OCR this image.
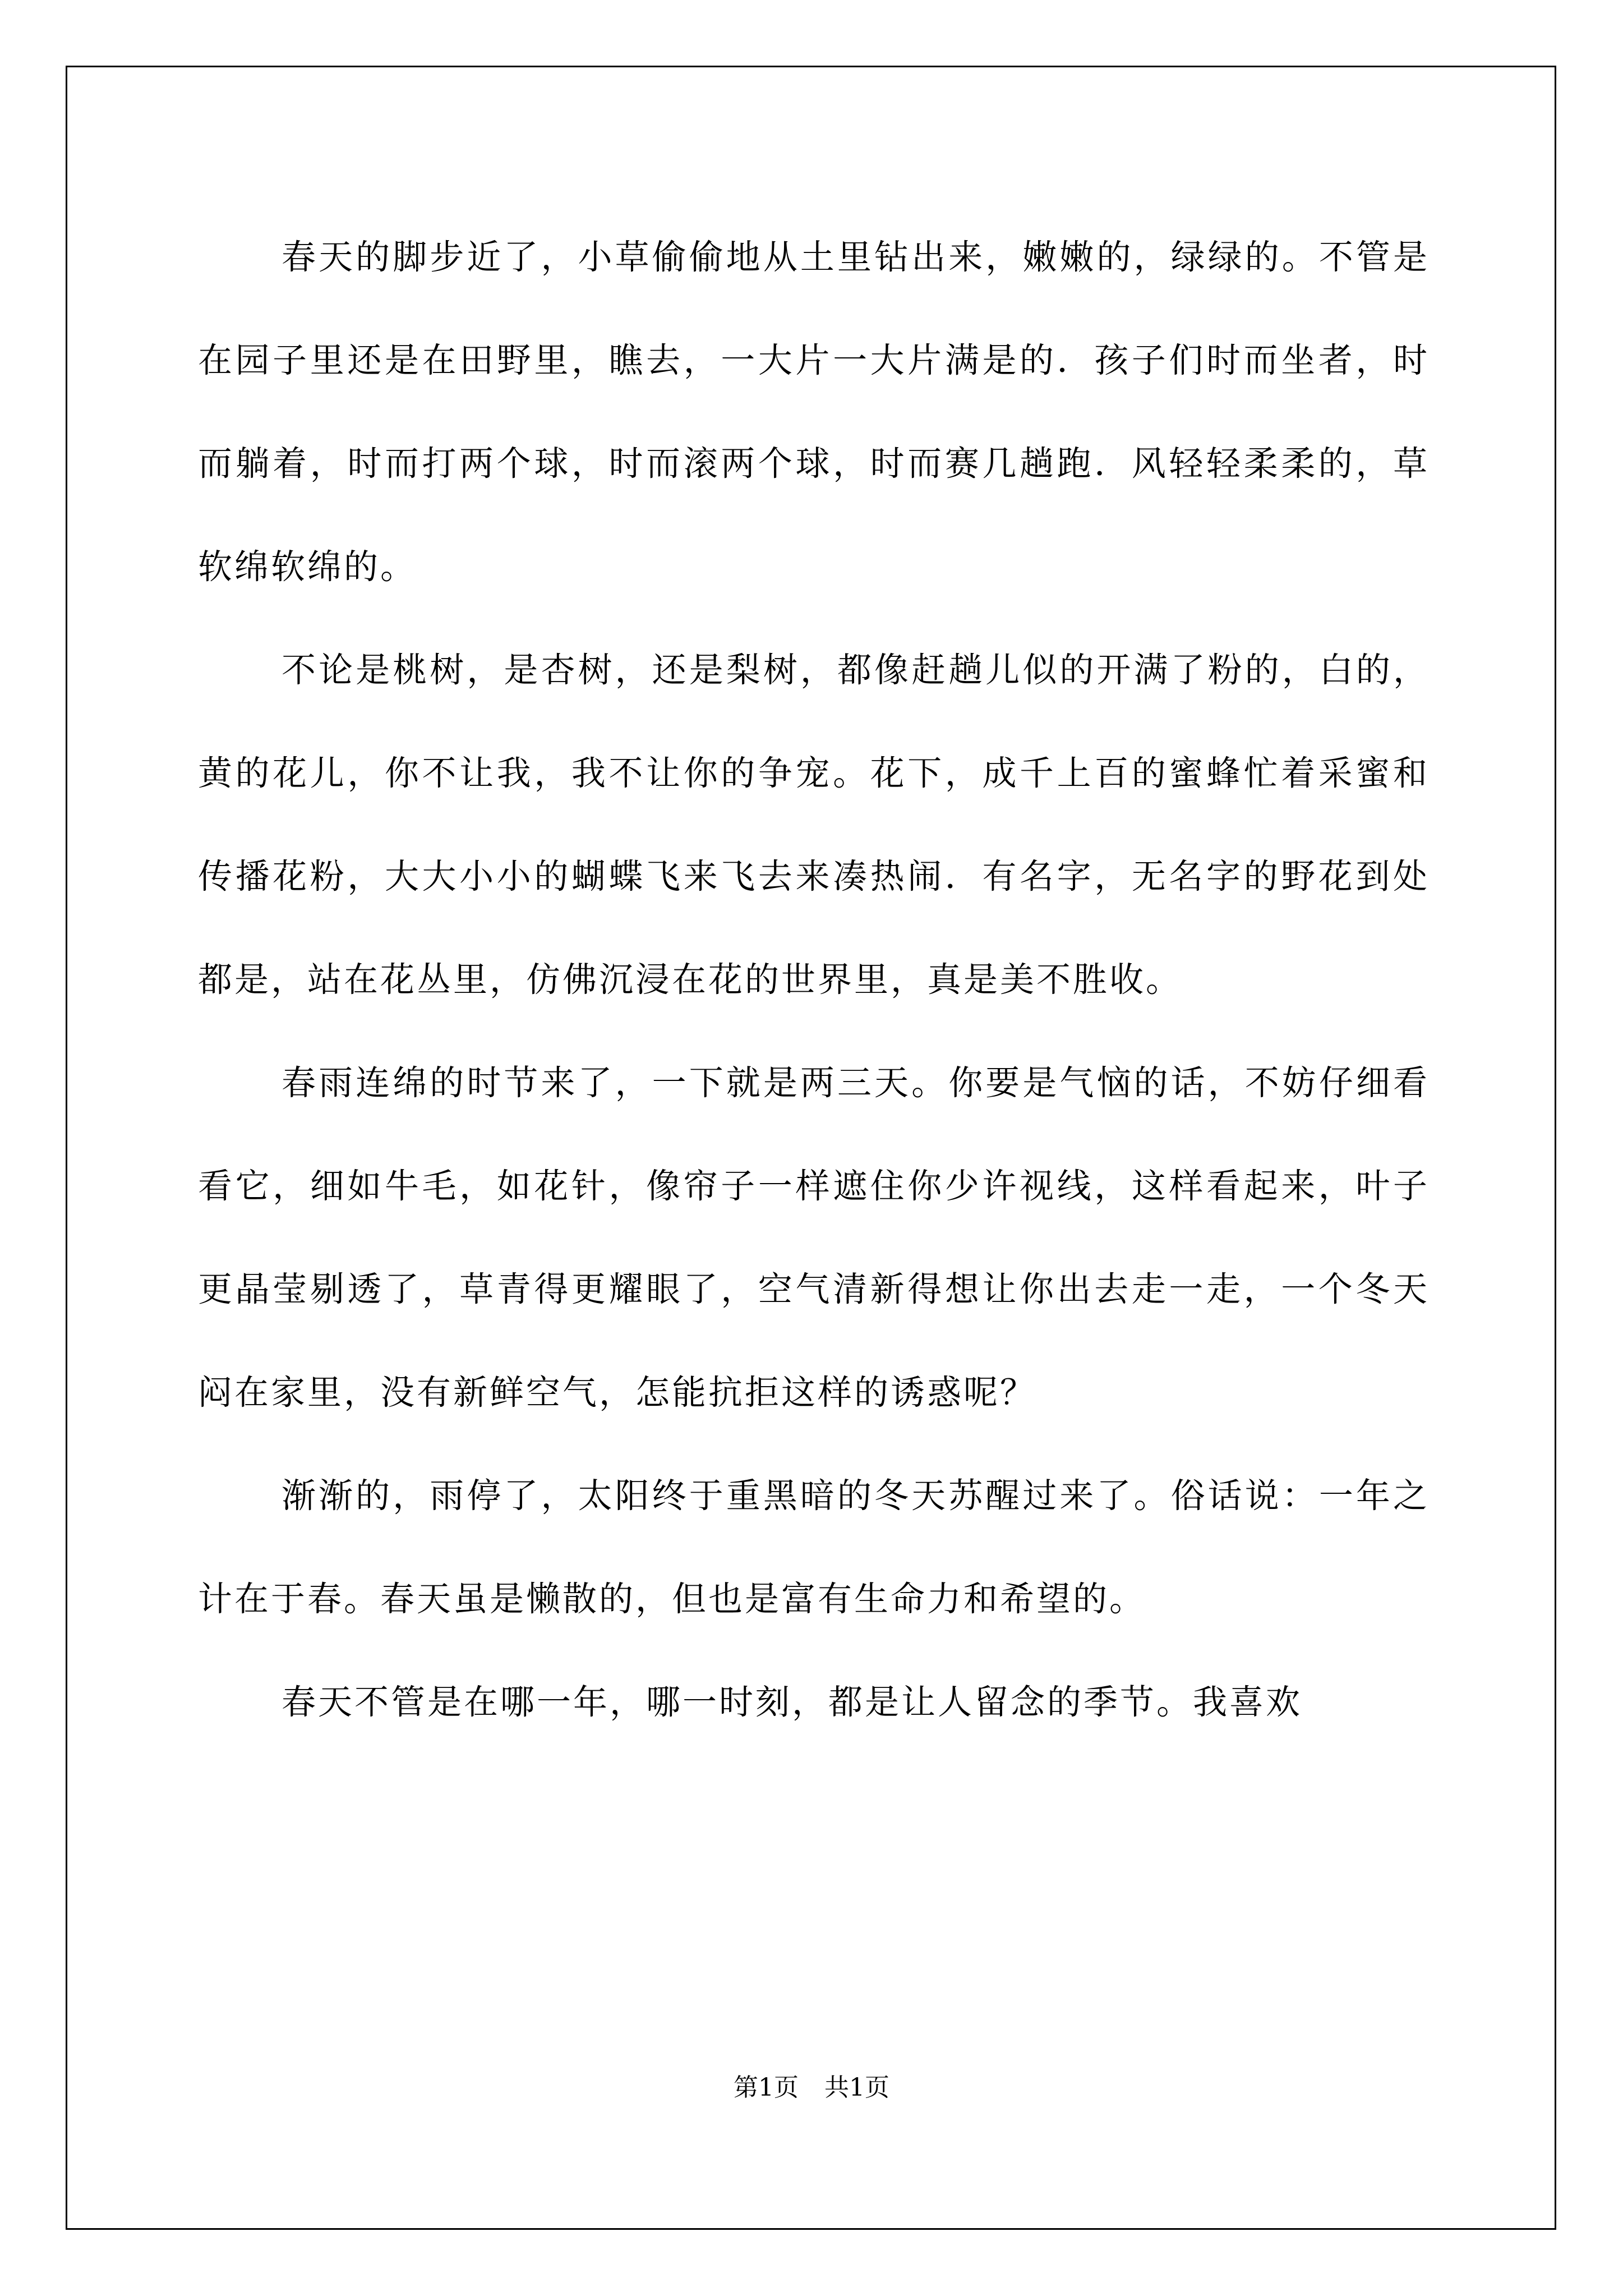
春天的脚步近了，小草偷偷地从土里钻出来，嫩嫩的，绿绿的。不管是在园子里还是在田野里，瞧去，一大片一大片满是的．孩子们时而坐者，时而躺着，时而打两个球，时而滚两个球，时而赛几趟跑．风轻轻柔柔的，草软绵软绵的。

不论是桃树，是杏树，还是梨树，都像赶趟儿似的开满了粉的，白的，黄的花儿，你不让我，我不让你的争宠。花下，成千上百的蜜蜂忙着采蜜和传播花粉，大大小小的蝴蝶飞来飞去来凑热闹．有名字，无名字的野花到处都是，站在花丛里，仿佛沉浸在花的世界里，真是美不胜收。

春雨连绵的时节来了，一下就是两三天。你要是气恼的话，不妨仔细看看它，细如牛毛，如花针，像帘子一样遮住你少许视线，这样看起来，叶子更晶莹剔透了，草青得更耀眼了，空气清新得想让你出去走一走，一个冬天闷在家里，没有新鲜空气，怎能抗拒这样的诱惑呢？

渐渐的，雨停了，太阳终于重黑暗的冬天苏醒过来了。俗话说：一年之计在于春。春天虽是懒散的，但也是富有生命力和希望的。

春天不管是在哪一年，哪一时刻，都是让人留念的季节。我喜欢

第1页 共1页
